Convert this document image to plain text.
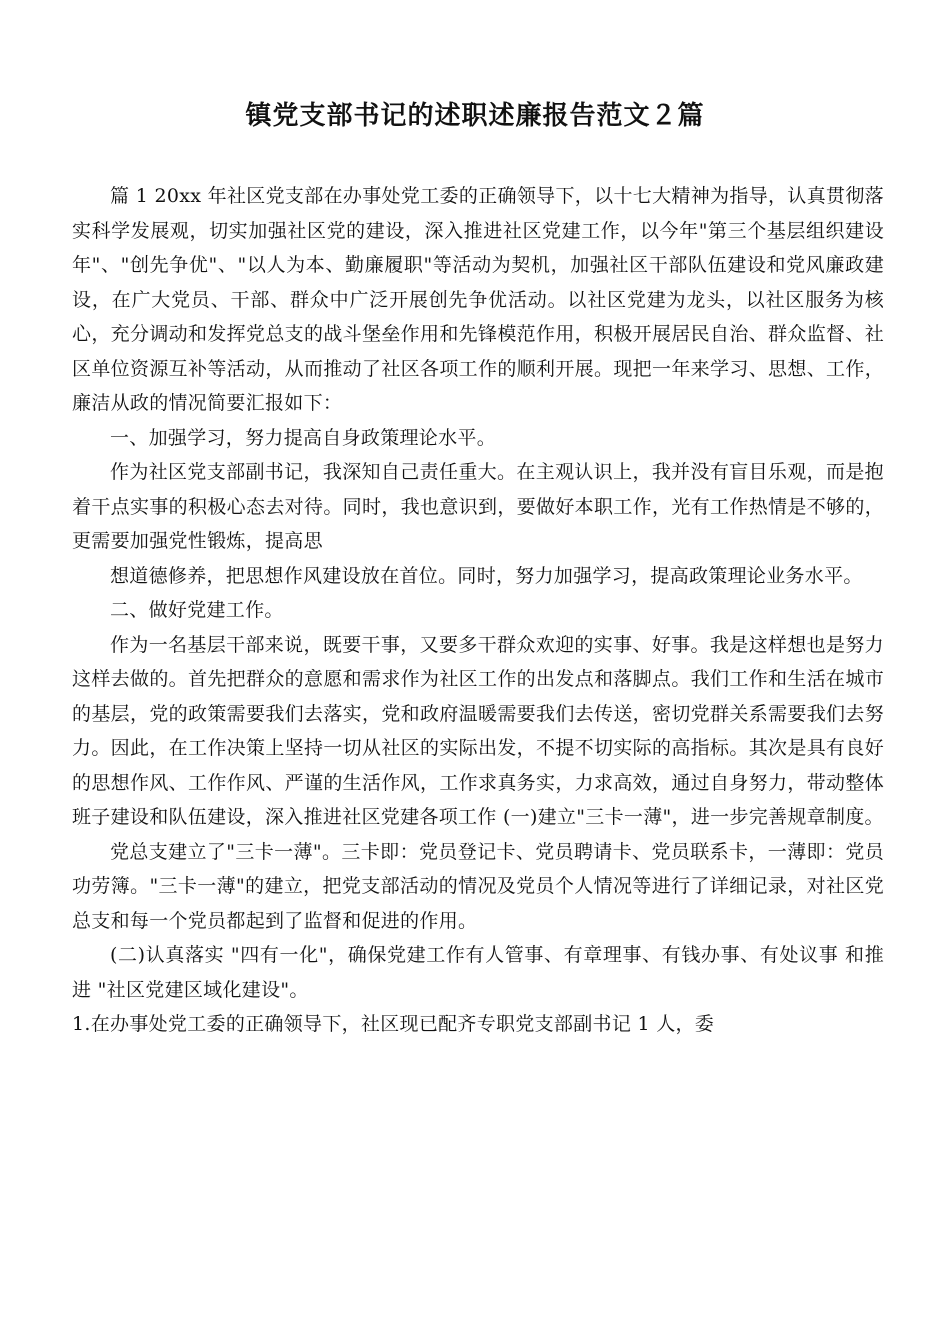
镇党支部书记的述职述廉报告范文２篇

篇 1 20xx 年社区党支部在办事处党工委的正确领导下，以十七大精神为指导，认真贯彻落实科学发展观，切实加强社区党的建设，深入推进社区党建工作，以今年"第三个基层组织建设年"、"创先争优"、"以人为本、勤廉履职"等活动为契机，加强社区干部队伍建设和党风廉政建设，在广大党员、干部、群众中广泛开展创先争优活动。以社区党建为龙头，以社区服务为核心，充分调动和发挥党总支的战斗堡垒作用和先锋模范作用，积极开展居民自治、群众监督、社区单位资源互补等活动，从而推动了社区各项工作的顺利开展。现把一年来学习、思想、工作，廉洁从政的情况简要汇报如下：

一、加强学习，努力提高自身政策理论水平。

作为社区党支部副书记，我深知自己责任重大。在主观认识上，我并没有盲目乐观，而是抱着干点实事的积极心态去对待。同时，我也意识到，要做好本职工作，光有工作热情是不够的，更需要加强党性锻炼，提高思

想道德修养，把思想作风建设放在首位。同时，努力加强学习，提高政策理论业务水平。

二、做好党建工作。

作为一名基层干部来说，既要干事，又要多干群众欢迎的实事、好事。我是这样想也是努力这样去做的。首先把群众的意愿和需求作为社区工作的出发点和落脚点。我们工作和生活在城市的基层，党的政策需要我们去落实，党和政府温暖需要我们去传送，密切党群关系需要我们去努力。因此，在工作决策上坚持一切从社区的实际出发，不提不切实际的高指标。其次是具有良好的思想作风、工作作风、严谨的生活作风，工作求真务实，力求高效，通过自身努力，带动整体班子建设和队伍建设，深入推进社区党建各项工作 (一)建立"三卡一薄"，进一步完善规章制度。

党总支建立了"三卡一薄"。三卡即：党员登记卡、党员聘请卡、党员联系卡，一薄即：党员功劳簿。"三卡一薄"的建立，把党支部活动的情况及党员个人情况等进行了详细记录，对社区党总支和每一个党员都起到了监督和促进的作用。

(二)认真落实 "四有一化"，确保党建工作有人管事、有章理事、有钱办事、有处议事 和推进 "社区党建区域化建设"。

1.在办事处党工委的正确领导下，社区现已配齐专职党支部副书记 1 人，委
